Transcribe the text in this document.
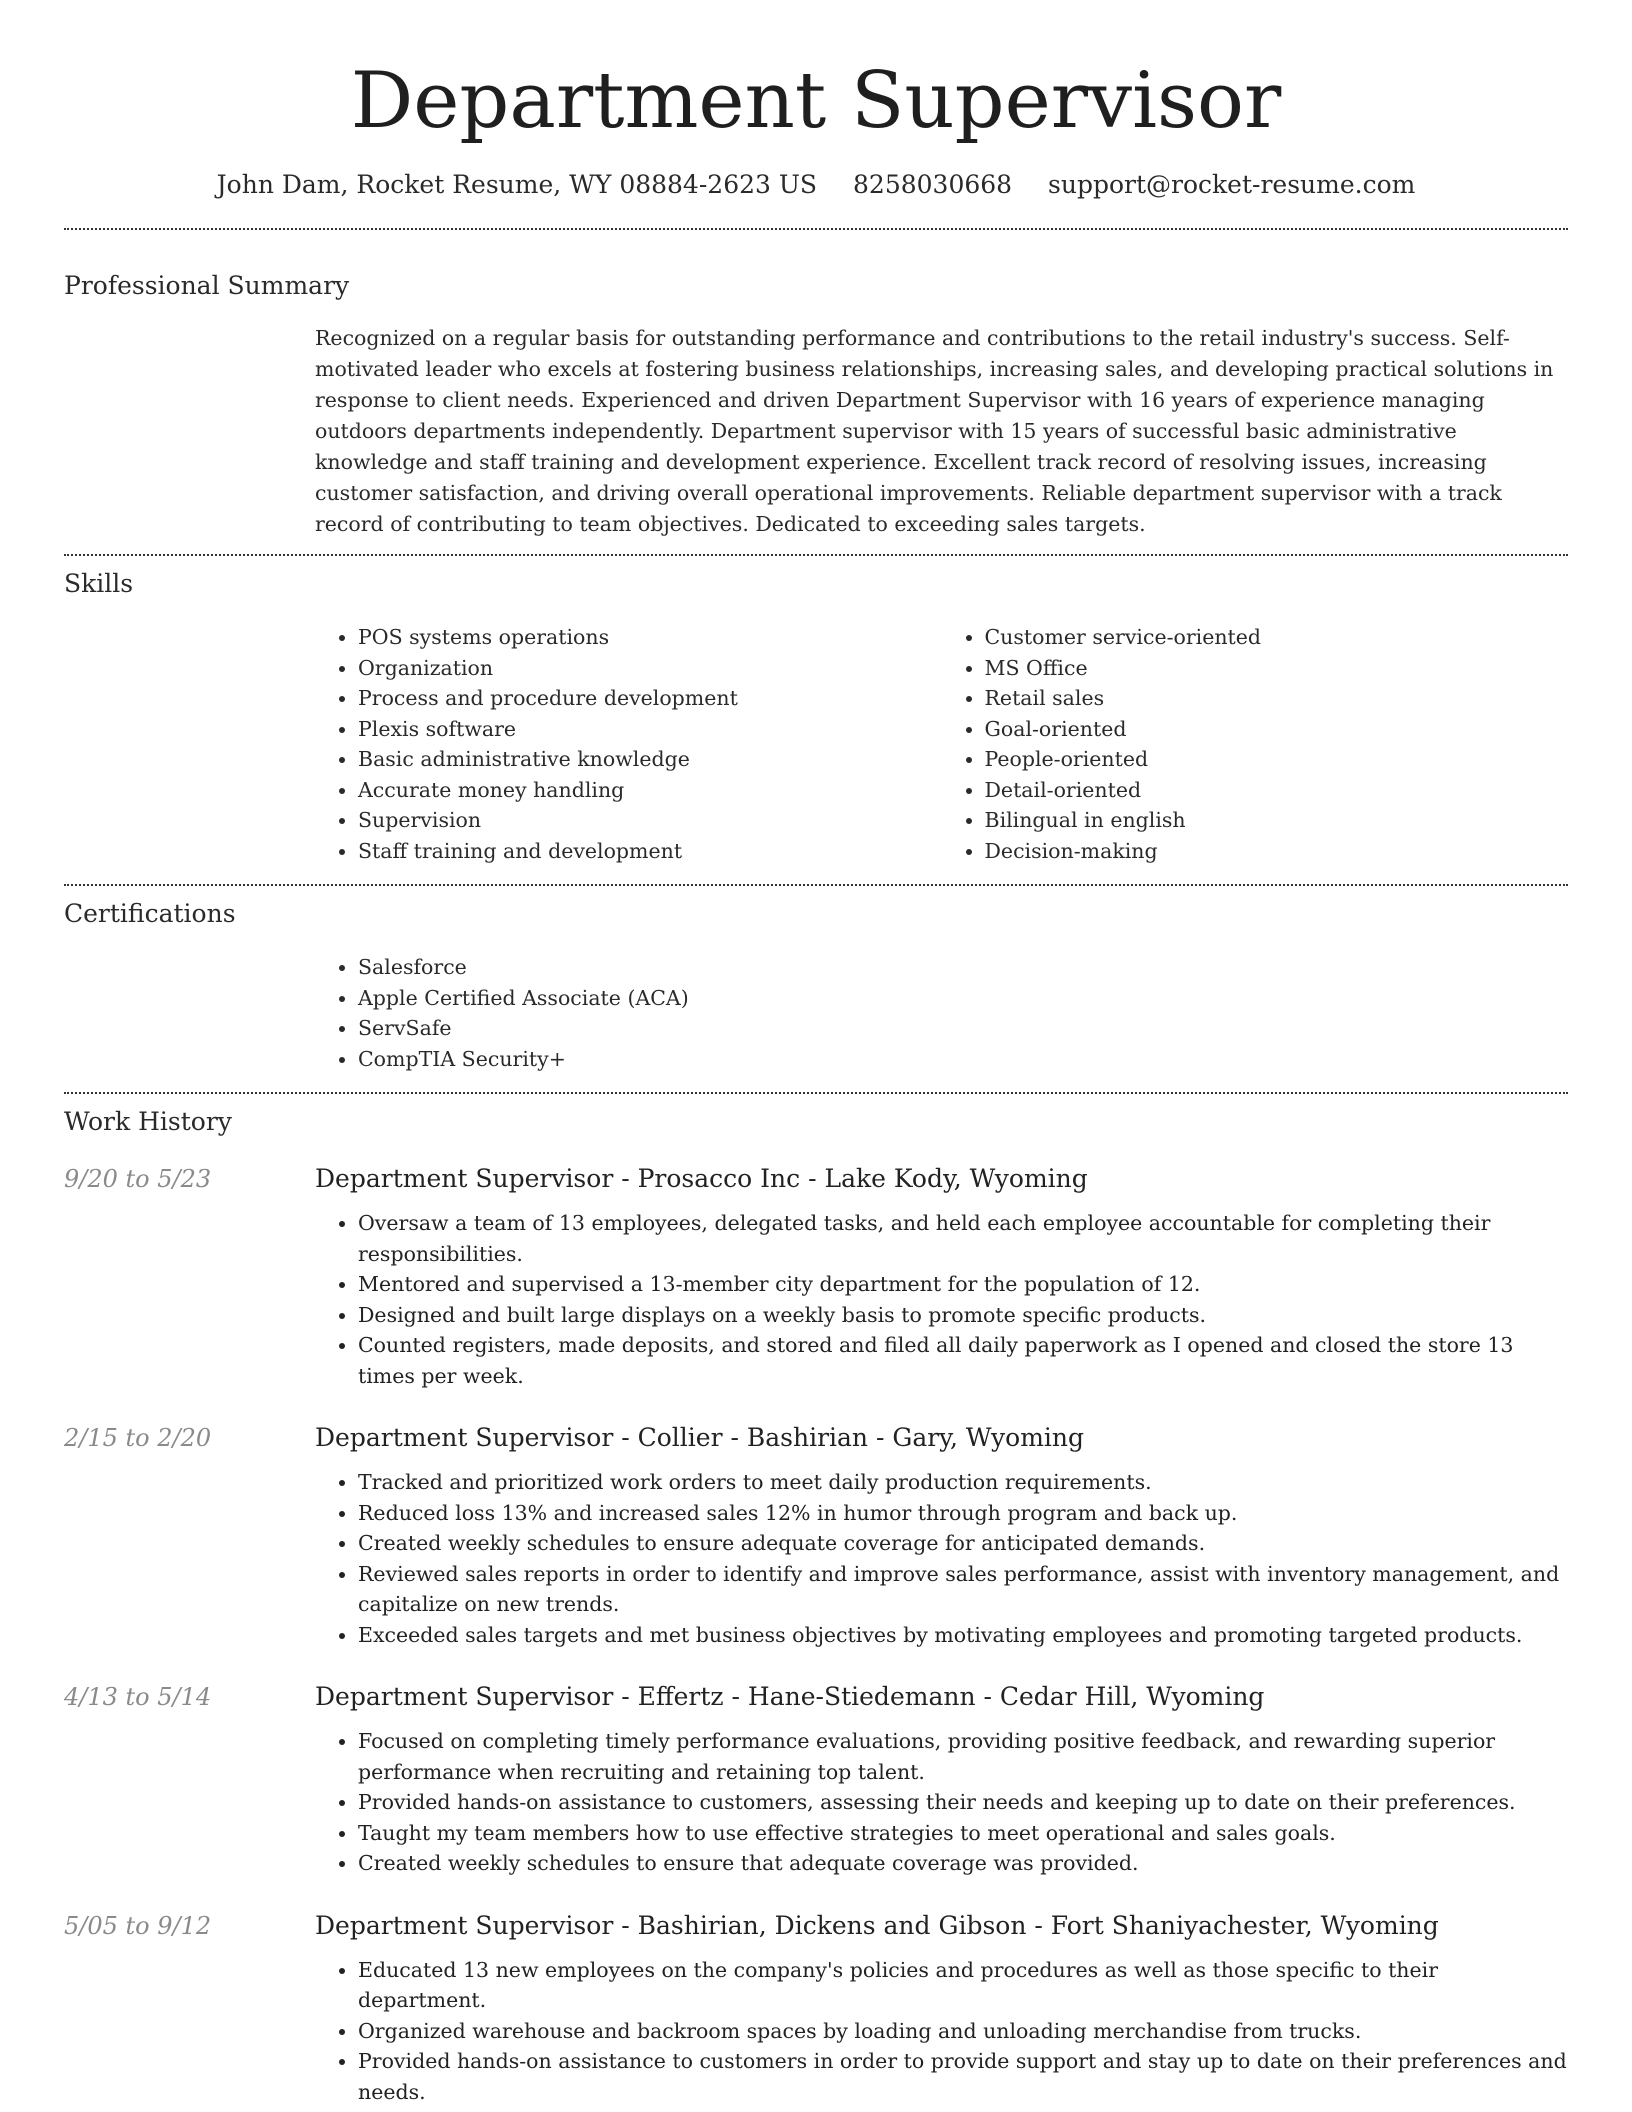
Department Supervisor
John Dam, Rocket Resume, WY 08884-2623 US 8258030668 support@rocket-resume.com
Professional Summary

Recognized on a regular basis for outstanding performance and contributions to the retail industry's success. Self-motivated leader who excels at fostering business relationships, increasing sales, and developing practical solutions in response to client needs. Experienced and driven Department Supervisor with 16 years of experience managing outdoors departments independently. Department supervisor with 15 years of successful basic administrative knowledge and staff training and development experience. Excellent track record of resolving issues, increasing customer satisfaction, and driving overall operational improvements. Reliable department supervisor with a track record of contributing to team objectives. Dedicated to exceeding sales targets.

Skills
• POS systems operations
• Organization
• Process and procedure development
• Plexis software
• Basic administrative knowledge
• Accurate money handling
• Supervision
• Staff training and development
• Customer service-oriented
• MS Office
• Retail sales
• Goal-oriented
• People-oriented
• Detail-oriented
• Bilingual in english
• Decision-making
Certifications
• Salesforce
• Apple Certified Associate (ACA)
• ServSafe
• CompTIA Security+
Work History
9/20 to 5/23	Department Supervisor - Prosacco Inc - Lake Kody, Wyoming
• Oversaw a team of 13 employees, delegated tasks, and held each employee accountable for completing their responsibilities.
• Mentored and supervised a 13-member city department for the population of 12.
• Designed and built large displays on a weekly basis to promote specific products.
• Counted registers, made deposits, and stored and filed all daily paperwork as I opened and closed the store 13 times per week.
2/15 to 2/20	Department Supervisor - Collier - Bashirian - Gary, Wyoming
• Tracked and prioritized work orders to meet daily production requirements.
• Reduced loss 13% and increased sales 12% in humor through program and back up.
• Created weekly schedules to ensure adequate coverage for anticipated demands.
• Reviewed sales reports in order to identify and improve sales performance, assist with inventory management, and capitalize on new trends.
• Exceeded sales targets and met business objectives by motivating employees and promoting targeted products.
4/13 to 5/14	Department Supervisor - Effertz - Hane-Stiedemann - Cedar Hill, Wyoming
• Focused on completing timely performance evaluations, providing positive feedback, and rewarding superior performance when recruiting and retaining top talent.
• Provided hands-on assistance to customers, assessing their needs and keeping up to date on their preferences.
• Taught my team members how to use effective strategies to meet operational and sales goals.
• Created weekly schedules to ensure that adequate coverage was provided.
5/05 to 9/12	Department Supervisor - Bashirian, Dickens and Gibson - Fort Shaniyachester, Wyoming
• Educated 13 new employees on the company's policies and procedures as well as those specific to their department.
• Organized warehouse and backroom spaces by loading and unloading merchandise from trucks.
• Provided hands-on assistance to customers in order to provide support and stay up to date on their preferences and needs.
